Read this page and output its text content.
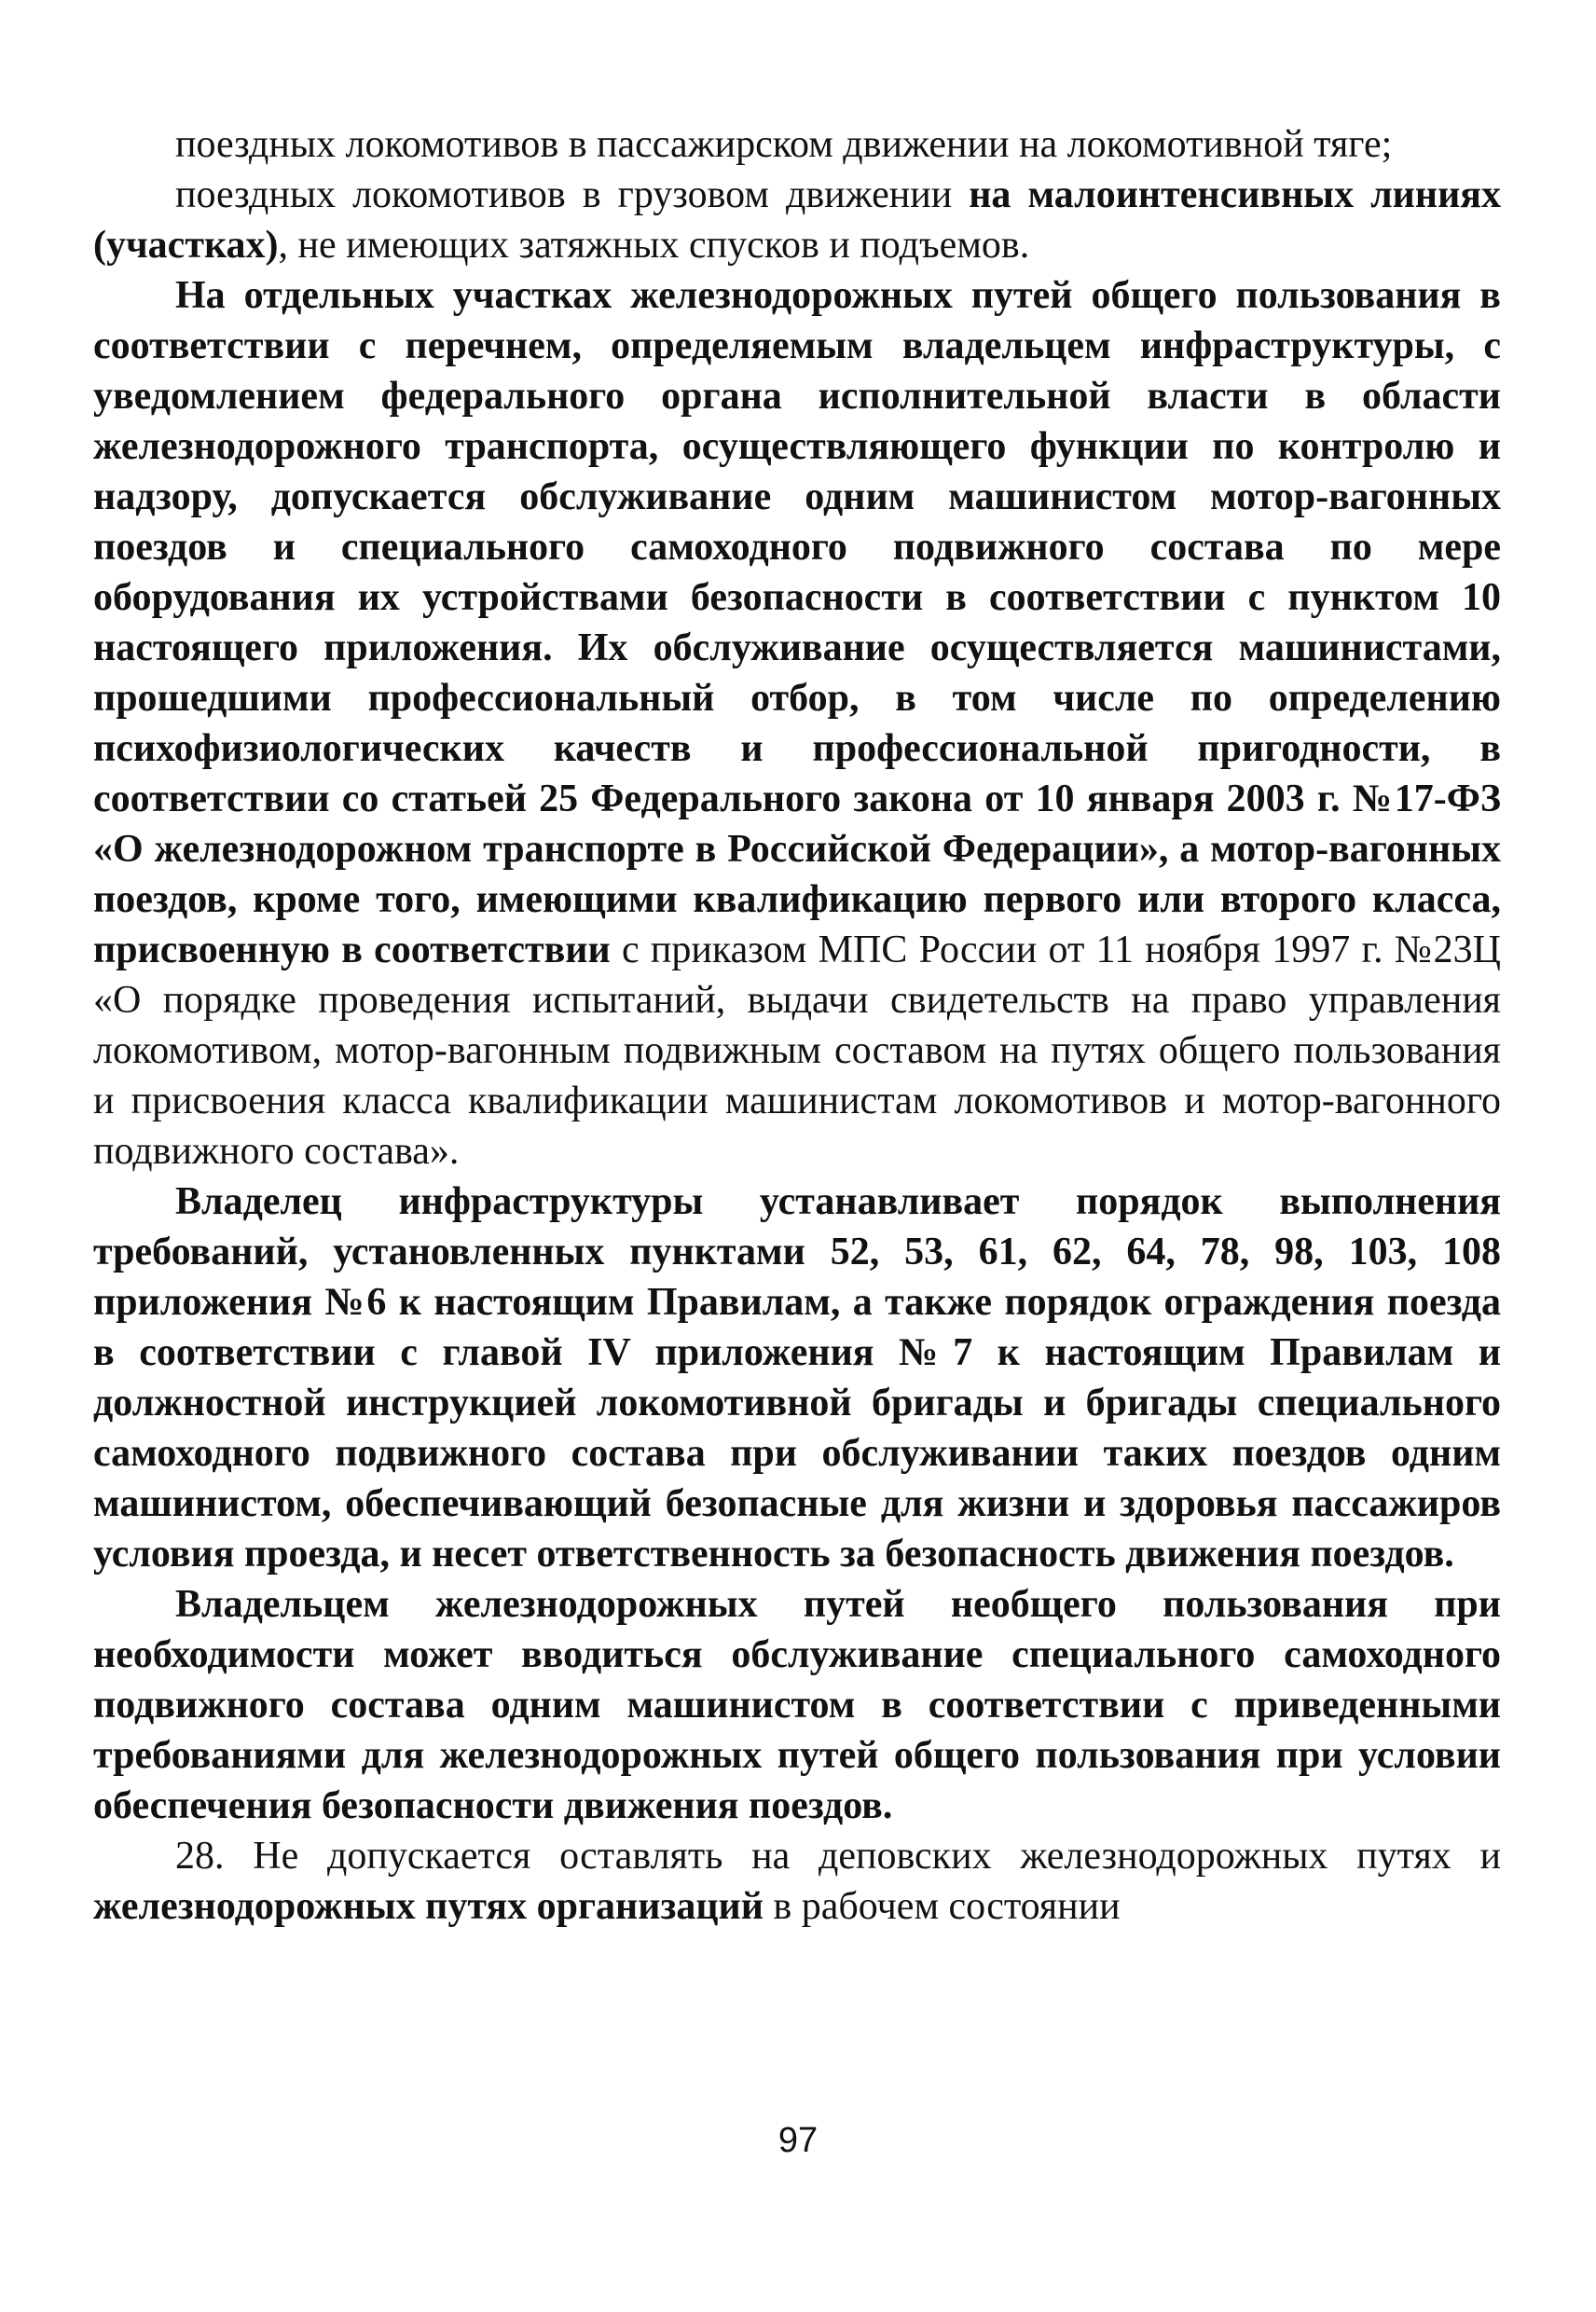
поездных локомотивов в пассажирском движении на локомотивной тяге;

поездных локомотивов в грузовом движении на малоинтенсивных линиях (участках), не имеющих затяжных спусков и подъемов.

На отдельных участках железнодорожных путей общего пользования в соответствии с перечнем, определяемым владельцем инфраструктуры, с уведомлением федерального органа исполнительной власти в области железнодорожного транспорта, осуществляющего функции по контролю и надзору, допускается обслуживание одним машинистом мотор-вагонных поездов и специального самоходного подвижного состава по мере оборудования их устройствами безопасности в соответствии с пунктом 10 настоящего приложения. Их обслуживание осуществляется машинистами, прошедшими профессиональный отбор, в том числе по определению психофизиологических качеств и профессиональной пригодности, в соответствии со статьей 25 Федерального закона от 10 января 2003 г. №17-ФЗ «О железнодорожном транспорте в Российской Федерации», а мотор-вагонных поездов, кроме того, имеющими квалификацию первого или второго класса, присвоенную в соответствии с приказом МПС России от 11 ноября 1997 г. №23Ц «О порядке проведения испытаний, выдачи свидетельств на право управления локомотивом, мотор-вагонным подвижным составом на путях общего пользования и присвоения класса квалификации машинистам локомотивов и мотор-вагонного подвижного состава».

Владелец инфраструктуры устанавливает порядок выполнения требований, установленных пунктами 52, 53, 61, 62, 64, 78, 98, 103, 108 приложения №6 к настоящим Правилам, а также порядок ограждения поезда в соответствии с главой IV приложения №7 к настоящим Правилам и должностной инструкцией локомотивной бригады и бригады специального самоходного подвижного состава при обслуживании таких поездов одним машинистом, обеспечивающий безопасные для жизни и здоровья пассажиров условия проезда, и несет ответственность за безопасность движения поездов.

Владельцем железнодорожных путей необщего пользования при необходимости может вводиться обслуживание специального самоходного подвижного состава одним машинистом в соответствии с приведенными требованиями для железнодорожных путей общего пользования при условии обеспечения безопасности движения поездов.

28. Не допускается оставлять на деповских железнодорожных путях и железнодорожных путях организаций в рабочем состоянии

97
